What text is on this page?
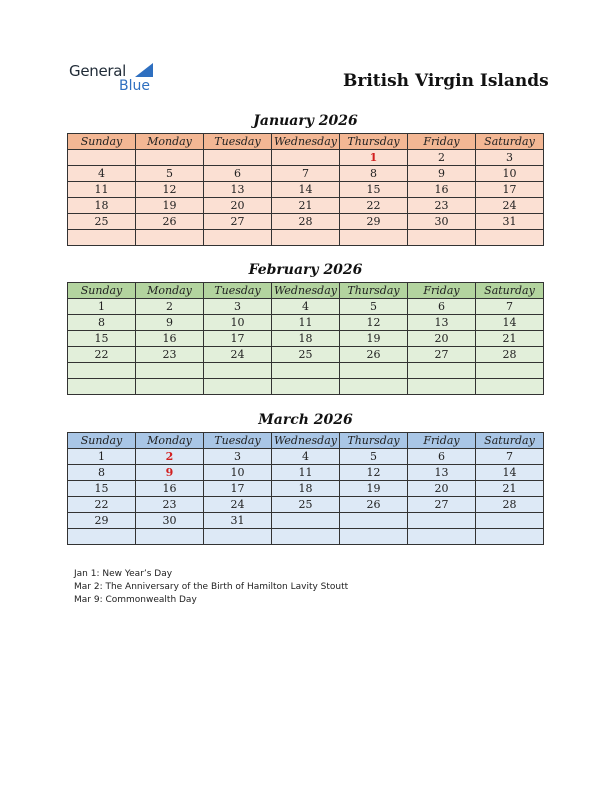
General
Blue	British Virgin Islands
January 2026
Sunday	Monday	Tuesday	Wednesday	Thursday	Friday	Saturday
				1	2	3
4	5	6	7	8	9	10
11	12	13	14	15	16	17
18	19	20	21	22	23	24
25	26	27	28	29	30	31

February 2026
Sunday	Monday	Tuesday	Wednesday	Thursday	Friday	Saturday
1	2	3	4	5	6	7
8	9	10	11	12	13	14
15	16	17	18	19	20	21
22	23	24	25	26	27	28

March 2026
Sunday	Monday	Tuesday	Wednesday	Thursday	Friday	Saturday
1	2	3	4	5	6	7
8	9	10	11	12	13	14
15	16	17	18	19	20	21
22	23	24	25	26	27	28
29	30	31				

Jan 1: New Year’s Day
Mar 2: The Anniversary of the Birth of Hamilton Lavity Stoutt
Mar 9: Commonwealth Day
